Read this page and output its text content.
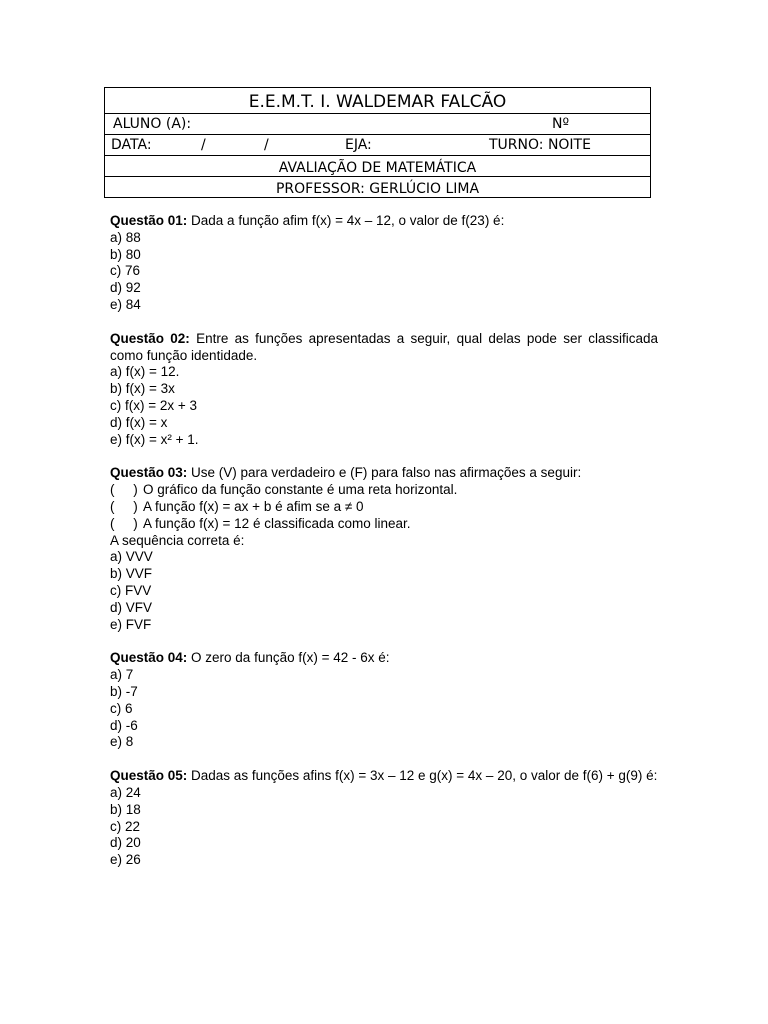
E.E.M.T. I. WALDEMAR FALCÃO

ALUNO (A):	Nº

DATA:	/	/	EJA:	TURNO: NOITE

AVALIAÇÃO DE MATEMÁTICA

PROFESSOR: GERLÚCIO LIMA

Questão 01: Dada a função afim f(x) = 4x – 12, o valor de f(23) é:

a) 88

b) 80

c) 76

d) 92

e) 84

Questão 02: Entre as funções apresentadas a seguir, qual delas pode ser classificada como função identidade.

a) f(x) = 12.

b) f(x) = 3x

c) f(x) = 2x + 3

d) f(x) = x

e) f(x) = x² + 1.

Questão 03: Use (V) para verdadeiro e (F) para falso nas afirmações a seguir:

(     ) O gráfico da função constante é uma reta horizontal.

(     ) A função f(x) = ax + b é afim se a ≠ 0

(     ) A função f(x) = 12 é classificada como linear.

A sequência correta é:

a) VVV

b) VVF

c) FVV

d) VFV

e) FVF

Questão 04: O zero da função f(x) = 42 - 6x é:

a) 7

b) -7

c) 6

d) -6

e) 8

Questão 05: Dadas as funções afins f(x) = 3x – 12 e g(x) = 4x – 20, o valor de f(6) + g(9) é:

a) 24

b) 18

c) 22

d) 20

e) 26
